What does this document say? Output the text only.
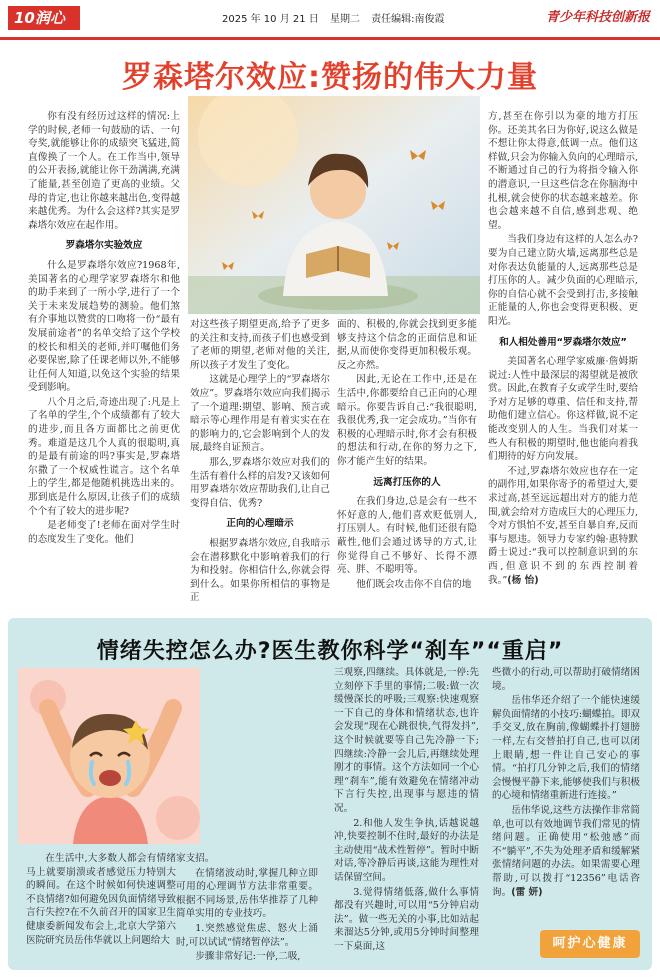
10润心	2025 年 10 月 21 日 星期二 责任编辑:南俊霞	青少年科技创新报
罗森塔尔效应:赞扬的伟大力量

你有没有经历过这样的情况:上学的时候,老师一句鼓励的话、一句夸奖,就能够让你的成绩突飞猛进,简直像换了一个人。在工作当中,领导的公开表扬,就能让你干劲满满,充满了能量,甚至创造了更高的业绩。父母的肯定,也让你越来越出色,变得越来越优秀。为什么会这样?其实是罗森塔尔效应在起作用。

罗森塔尔实验效应

什么是罗森塔尔效应?1968年,美国著名的心理学家罗森塔尔和他的助手来到了一所小学,进行了一个关于未来发展趋势的测验。他们煞有介事地以赞赏的口吻将一份“最有发展前途者”的名单交给了这个学校的校长和相关的老师,并叮嘱他们务必要保密,除了任课老师以外,不能够让任何人知道,以免这个实验的结果受到影响。

八个月之后,奇迹出现了:凡是上了名单的学生,个个成绩都有了较大的进步,而且各方面都比之前更优秀。难道是这几个人真的很聪明,真的是最有前途的吗?事实是,罗森塔尔撒了一个权威性谎言。这个名单上的学生,都是他随机挑选出来的。那到底是什么原因,让孩子们的成绩个个有了较大的进步呢?

是老师变了!老师在面对学生时的态度发生了变化。他们

对这些孩子期望更高,给予了更多的关注和支持,而孩子们也感受到了老师的期望,老师对他的关注,所以孩子才发生了变化。

这就是心理学上的“罗森塔尔效应”。罗森塔尔效应向我们揭示了一个道理:期望、影响、预言或暗示等心理作用是有着实实在在的影响力的,它会影响到个人的发展,最终自证预言。

那么,罗森塔尔效应对我们的生活有着什么样的启发?又该如何用罗森塔尔效应帮助我们,让自己变得自信、优秀?

正向的心理暗示

根据罗森塔尔效应,自我暗示会在潜移默化中影响着我们的行为和投射。你相信什么,你就会得到什么。如果你所相信的事物是正

面的、积极的,你就会找到更多能够支持这个信念的正面信息和证据,从而使你变得更加积极乐观。反之亦然。

因此,无论在工作中,还是在生活中,你都要给自己正向的心理暗示。你要告诉自己:“我很聪明,我很优秀,我一定会成功。”当你有积极的心理暗示时,你才会有积极的想法和行动,在你的努力之下,你才能产生好的结果。

远离打压你的人

在我们身边,总是会有一些不怀好意的人,他们喜欢贬低别人,打压别人。有时候,他们还很有隐蔽性,他们会通过诱导的方式,让你觉得自己不够好、长得不漂亮、胖、不聪明等。

他们既会攻击你不自信的地

方,甚至在你引以为豪的地方打压你。还美其名曰为你好,说这么做是不想让你太得意,低调一点。他们这样做,只会为你输入负向的心理暗示,不断通过自己的行为将指令输入你的潜意识,一旦这些信念在你脑海中扎根,就会使你的状态越来越差。你也会越来越不自信,感到悲观、绝望。

当我们身边有这样的人怎么办?要为自己建立防火墙,远离那些总是对你表达负能量的人,远离那些总是打压你的人。减少负面的心理暗示,你的自信心就不会受到打击,多接触正能量的人,你也会变得更积极、更阳光。

和人相处善用“罗森塔尔效应”

美国著名心理学家威廉·詹姆斯说过:人性中最深层的渴望就是被欣赏。因此,在教育子女或学生时,要给予对方足够的尊重、信任和支持,帮助他们建立信心。你这样做,说不定能改变别人的人生。当我们对某一些人有积极的期望时,他也能向着我们期待的好方向发展。

不过,罗森塔尔效应也存在一定的副作用,如果你寄予的希望过大,要求过高,甚至远远超出对方的能力范围,就会给对方造成巨大的心理压力,令对方惧怕不安,甚至自暴自弃,反而事与愿违。领导力专家约翰·惠特默爵士说过:“我可以控制意识到的东西,但意识不到的东西控制着我。”(杨 怡)

情绪失控怎么办?医生教你科学“刹车”“重启”

在生活中,大多数人都会有情绪马上就要崩溃或者感觉压力特别大的瞬间。在这个时候如何快速调整不良情绪?如何避免因负面情绪导致言行失控?在不久前召开的国家卫生健康委新闻发布会上,北京大学第六医院研究员岳伟华就以上问题给大

家支招。

在情绪波动时,掌握几种立即可用的心理调节方法非常重要。根据不同场景,岳伟华推荐了几种简单实用的专业技巧。

1.突然感觉焦虑、怒火上涌时,可以试试“情绪暂停法”。

步骤非常好记:一停,二吸,

三观察,四继续。具体就是,一停:先立刻停下手里的事情;二吸:做一次缓慢深长的呼吸;三观察:快速观察一下自己的身体和情绪状态,也许会发现“现在心跳很快,气得发抖”,这个时候就要等自己先冷静一下;四继续:冷静一会儿后,再继续处理刚才的事情。这个方法如同一个心理“刹车”,能有效避免在情绪冲动下言行失控,出现事与愿违的情况。

2.和他人发生争执,话越说越冲,快要控制不住时,最好的办法是主动使用“战术性暂停”。暂时中断对话,等冷静后再谈,这能为理性对话保留空间。

3.觉得情绪低落,做什么事情都没有兴趣时,可以用“5分钟启动法”。做一些无关的小事,比如站起来溜达5分钟,或用5分钟时间整理一下桌面,这

些微小的行动,可以帮助打破情绪困境。

岳伟华还介绍了一个能快速缓解负面情绪的小技巧:蝴蝶拍。即双手交叉,放在胸前,像蝴蝶扑打翅膀一样,左右交替拍打自己,也可以闭上眼睛,想一件让自己安心的事情。“拍打几分钟之后,我们的情绪会慢慢平静下来,能够使我们与积极的心境和情绪重新进行连接。”

岳伟华说,这些方法操作非常简单,也可以有效地调节我们常见的情绪问题。正确使用“松弛感”而不“躺平”,不失为处理矛盾和缓解紧张情绪问题的办法。如果需要心理帮助,可以拨打“12356”电话咨询。(雷 妍)

呵护心健康
